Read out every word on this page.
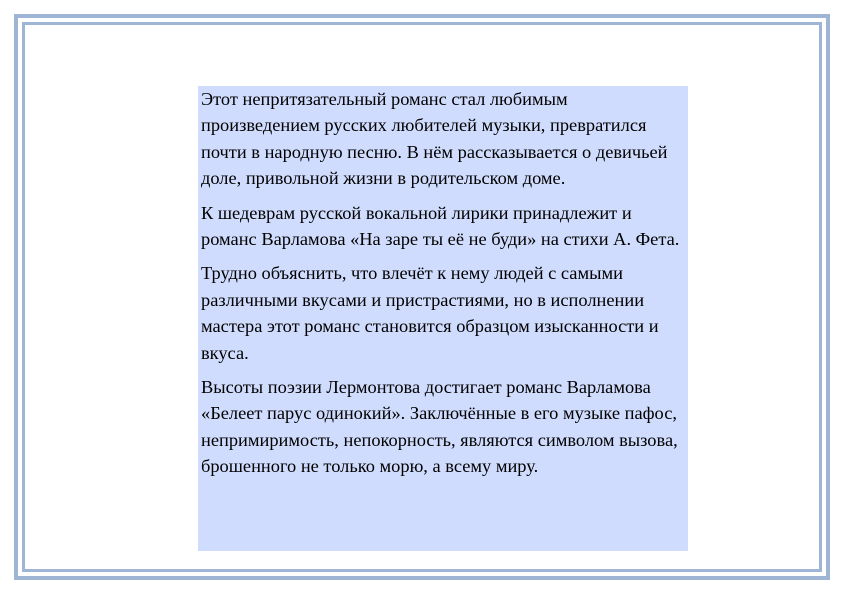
Этот непритязательный романс стал любимым произведением русских любителей музыки, превратился почти в народную песню. В нём рассказывается о девичьей доле, привольной жизни в родительском доме.

К шедеврам русской вокальной лирики принадлежит и романс Варламова «На заре ты её не буди» на стихи А. Фета.

Трудно объяснить, что влечёт к нему людей с самыми различными вкусами и пристрастиями, но в исполнении мастера этот романс становится образцом изысканности и вкуса.

Высоты поэзии Лермонтова достигает романс Варламова «Белеет парус одинокий». Заключённые в его музыке пафос, непримиримость, непокорность, являются символом вызова, брошенного не только морю, а всему миру.
